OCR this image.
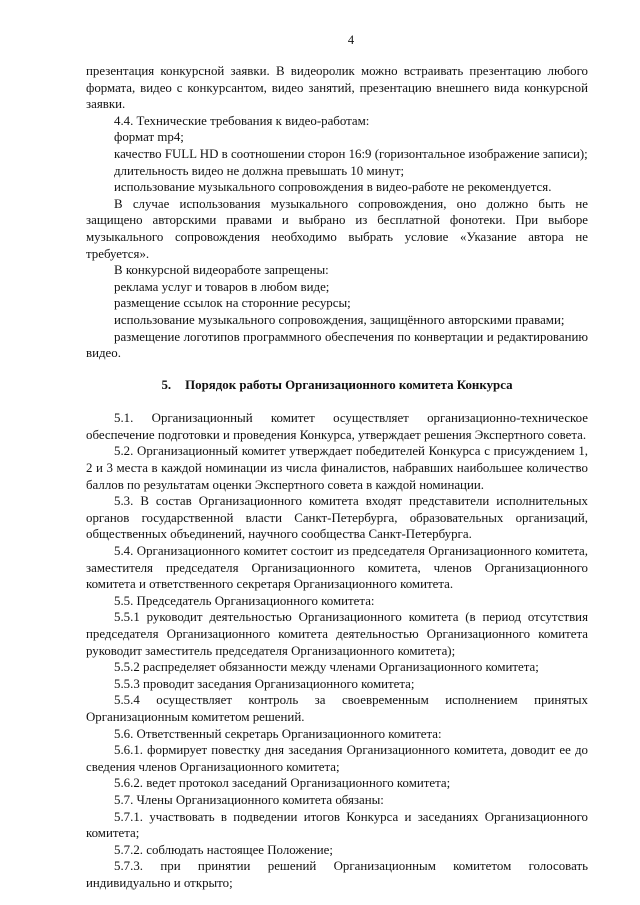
4

презентация конкурсной заявки. В видеоролик можно встраивать презентацию любого формата, видео с конкурсантом, видео занятий, презентацию внешнего вида конкурсной заявки.

4.4. Технические требования к видео-работам:

формат mp4;

качество FULL HD в соотношении сторон 16:9 (горизонтальное изображение записи);

длительность видео не должна превышать 10 минут;

использование музыкального сопровождения в видео-работе не рекомендуется.

В случае использования музыкального сопровождения, оно должно быть не защищено авторскими правами и выбрано из бесплатной фонотеки. При выборе музыкального сопровождения необходимо выбрать условие «Указание автора не требуется».

В конкурсной видеоработе запрещены:

реклама услуг и товаров в любом виде;

размещение ссылок на сторонние ресурсы;

использование музыкального сопровождения, защищённого авторскими правами;

размещение логотипов программного обеспечения по конвертации и редактированию видео.

5. Порядок работы Организационного комитета Конкурса

5.1. Организационный комитет осуществляет организационно-техническое обеспечение подготовки и проведения Конкурса, утверждает решения Экспертного совета.

5.2. Организационный комитет утверждает победителей Конкурса с присуждением 1, 2 и 3 места в каждой номинации из числа финалистов, набравших наибольшее количество баллов по результатам оценки Экспертного совета в каждой номинации.

5.3. В состав Организационного комитета входят представители исполнительных органов государственной власти Санкт-Петербурга, образовательных организаций, общественных объединений, научного сообщества Санкт-Петербурга.

5.4. Организационного комитет состоит из председателя Организационного комитета, заместителя председателя Организационного комитета, членов Организационного комитета и ответственного секретаря Организационного комитета.

5.5. Председатель Организационного комитета:

5.5.1 руководит деятельностью Организационного комитета (в период отсутствия председателя Организационного комитета деятельностью Организационного комитета руководит заместитель председателя Организационного комитета);

5.5.2 распределяет обязанности между членами Организационного комитета;

5.5.3 проводит заседания Организационного комитета;

5.5.4 осуществляет контроль за своевременным исполнением принятых Организационным комитетом решений.

5.6. Ответственный секретарь Организационного комитета:

5.6.1. формирует повестку дня заседания Организационного комитета, доводит ее до сведения членов Организационного комитета;

5.6.2. ведет протокол заседаний Организационного комитета;

5.7. Члены Организационного комитета обязаны:

5.7.1. участвовать в подведении итогов Конкурса и заседаниях Организационного комитета;

5.7.2. соблюдать настоящее Положение;

5.7.3. при принятии решений Организационным комитетом голосовать индивидуально и открыто;
